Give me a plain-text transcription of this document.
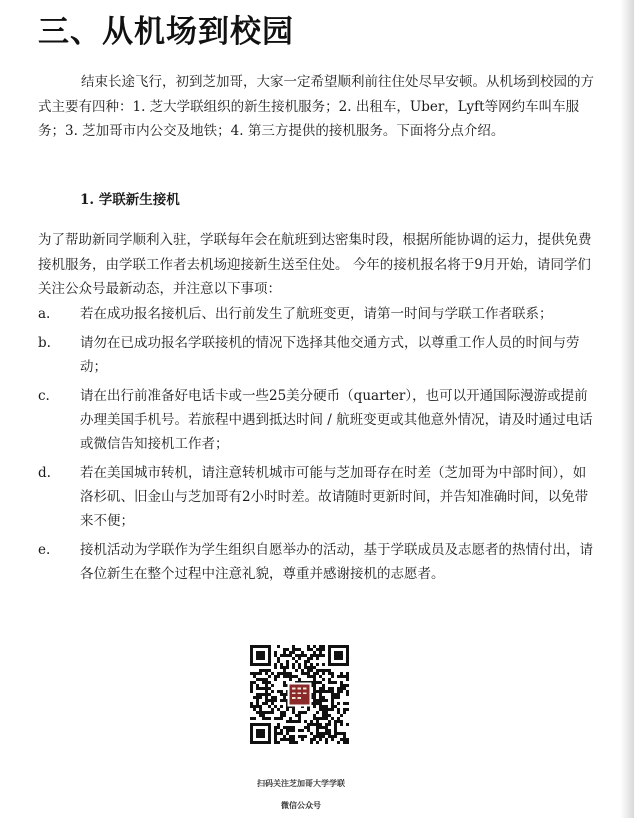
三、从机场到校园

结束长途飞行，初到芝加哥，大家一定希望顺利前往住处尽早安顿。从机场到校园的方式主要有四种：1. 芝大学联组织的新生接机服务；2. 出租车，Uber，Lyft等网约车叫车服务；3. 芝加哥市内公交及地铁；4. 第三方提供的接机服务。下面将分点介绍。

1. 学联新生接机

为了帮助新同学顺利入驻，学联每年会在航班到达密集时段，根据所能协调的运力，提供免费接机服务，由学联工作者去机场迎接新生送至住处。 今年的接机报名将于9月开始，请同学们关注公众号最新动态，并注意以下事项：

a.	若在成功报名接机后、出行前发生了航班变更，请第一时间与学联工作者联系；
b.	请勿在已成功报名学联接机的情况下选择其他交通方式，以尊重工作人员的时间与劳动；
c.	请在出行前准备好电话卡或一些25美分硬币（quarter），也可以开通国际漫游或提前办理美国手机号。若旅程中遇到抵达时间 / 航班变更或其他意外情况，请及时通过电话或微信告知接机工作者；
d.	若在美国城市转机，请注意转机城市可能与芝加哥存在时差（芝加哥为中部时间），如洛杉矶、旧金山与芝加哥有2小时时差。故请随时更新时间，并告知准确时间，以免带来不便；
e.	接机活动为学联作为学生组织自愿举办的活动，基于学联成员及志愿者的热情付出，请各位新生在整个过程中注意礼貌，尊重并感谢接机的志愿者。
扫码关注芝加哥大学学联
微信公众号
